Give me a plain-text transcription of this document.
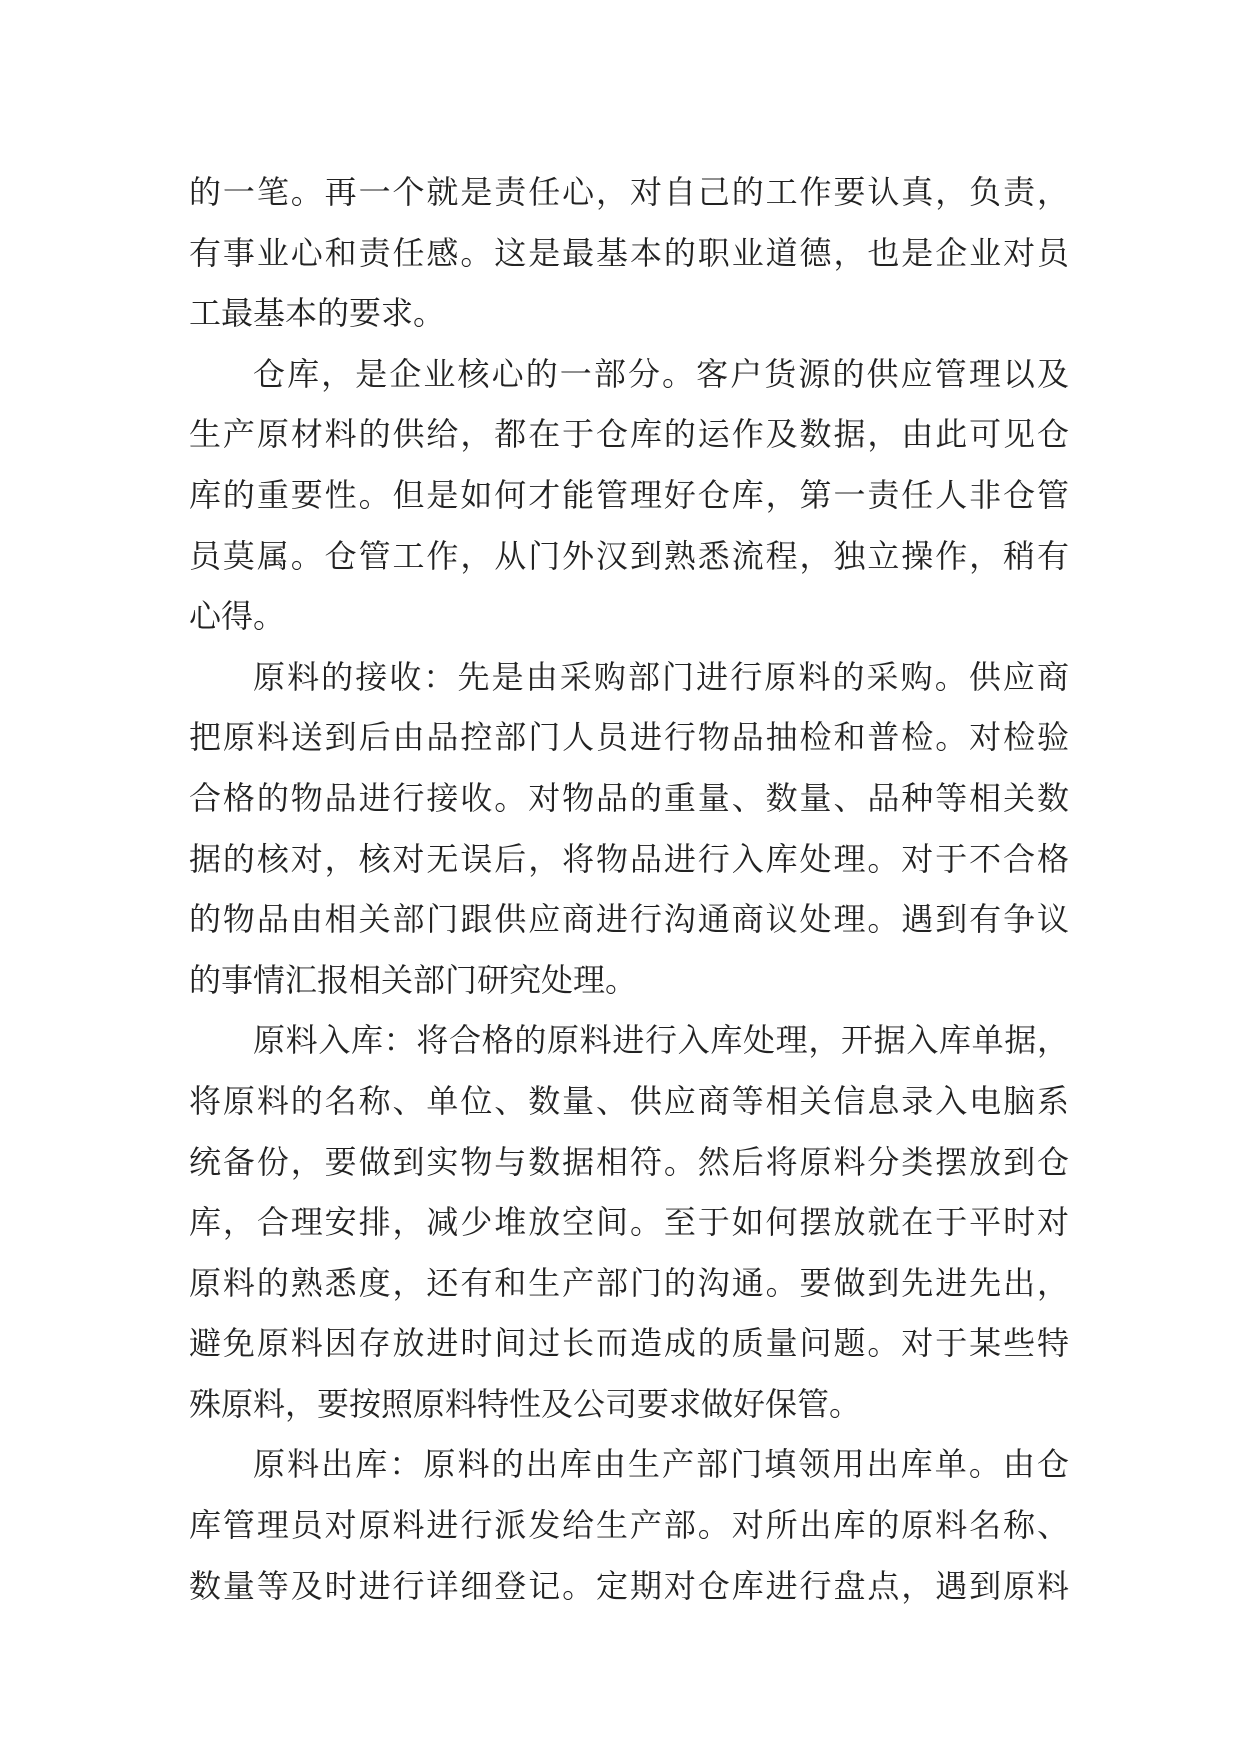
的一笔。再一个就是责任心，对自己的工作要认真，负责，
有事业心和责任感。这是最基本的职业道德，也是企业对员
工最基本的要求。
仓库，是企业核心的一部分。客户货源的供应管理以及
生产原材料的供给，都在于仓库的运作及数据，由此可见仓
库的重要性。但是如何才能管理好仓库，第一责任人非仓管
员莫属。仓管工作，从门外汉到熟悉流程，独立操作，稍有
心得。
原料的接收：先是由采购部门进行原料的采购。供应商
把原料送到后由品控部门人员进行物品抽检和普检。对检验
合格的物品进行接收。对物品的重量、数量、品种等相关数
据的核对，核对无误后，将物品进行入库处理。对于不合格
的物品由相关部门跟供应商进行沟通商议处理。遇到有争议
的事情汇报相关部门研究处理。
原料入库：将合格的原料进行入库处理，开据入库单据，
将原料的名称、单位、数量、供应商等相关信息录入电脑系
统备份，要做到实物与数据相符。然后将原料分类摆放到仓
库，合理安排，减少堆放空间。至于如何摆放就在于平时对
原料的熟悉度，还有和生产部门的沟通。要做到先进先出，
避免原料因存放进时间过长而造成的质量问题。对于某些特
殊原料，要按照原料特性及公司要求做好保管。
原料出库：原料的出库由生产部门填领用出库单。由仓
库管理员对原料进行派发给生产部。对所出库的原料名称、
数量等及时进行详细登记。定期对仓库进行盘点，遇到原料
